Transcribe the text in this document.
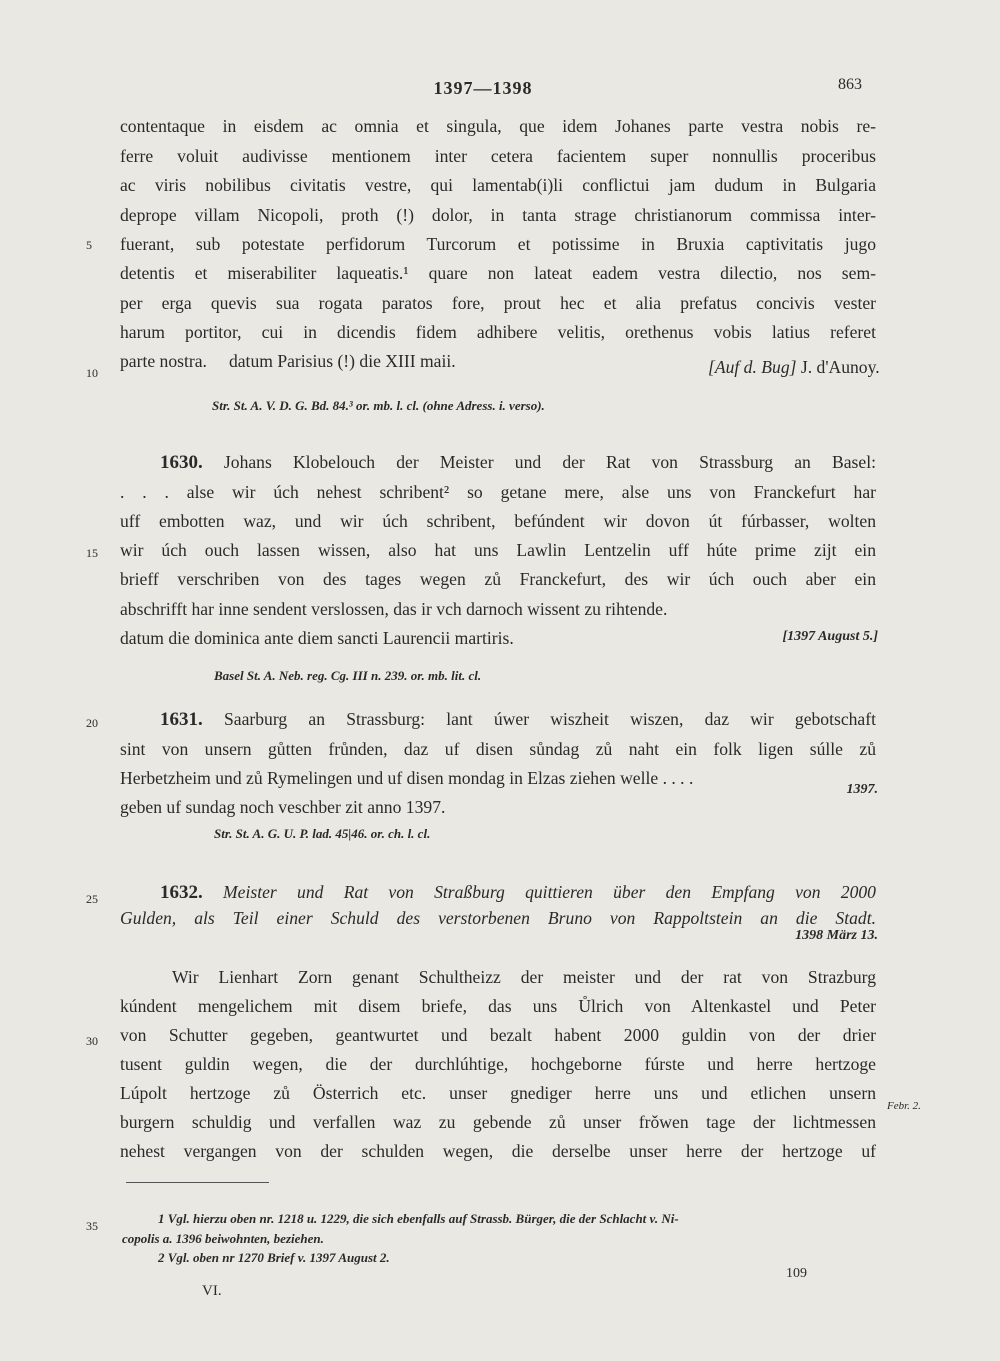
1397—1398	863
contentaque in eisdem ac omnia et singula, que idem Johanes parte vestra nobis re-
ferre voluit audivisse mentionem inter cetera facientem super nonnullis proceribus
ac viris nobilibus civitatis vestre, qui lamentab(i)li conflictui jam dudum in Bulgaria
deprope villam Nicopoli, proth (!) dolor, in tanta strage christianorum commissa inter-
fuerant, sub potestate perfidorum Turcorum et potissime in Bruxia captivitatis jugo
detentis et miserabiliter laqueatis.¹ quare non lateat eadem vestra dilectio, nos sem-
per erga quevis sua rogata paratos fore, prout hec et alia prefatus concivis vester
harum portitor, cui in dicendis fidem adhibere velitis, orethenus vobis latius referet
parte nostra.     datum Parisius (!) die XIII maii.
5
10	[Auf d. Bug] J. d'Aunoy.
Str. St. A. V. D. G. Bd. 84.³ or. mb. l. cl. (ohne Adress. i. verso).
1630. Johans Klobelouch der Meister und der Rat von Strassburg an Basel:
. . . alse wir úch nehest schribent² so getane mere, alse uns von Franckefurt har
uff embotten waz, und wir úch schribent, befúndent wir dovon út fúrbasser, wolten
wir úch ouch lassen wissen, also hat uns Lawlin Lentzelin uff húte prime zijt ein
brieff verschriben von des tages wegen zů Franckefurt, des wir úch ouch aber ein
abschrifft har inne sendent verslossen, das ir vch darnoch wissent zu rihtende.
datum die dominica ante diem sancti Laurencii martiris.	[1397 August 5.]
15
Basel St. A. Neb. reg. Cg. III n. 239. or. mb. lit. cl.
20	1631. Saarburg an Strassburg: lant úwer wiszheit wiszen, daz wir gebotschaft
sint von unsern gůtten frůnden, daz uf disen sůndag zů naht ein folk ligen súlle zů
Herbetzheim und zů Rymelingen und uf disen mondag in Elzas ziehen welle . . . .
geben uf sundag noch veschber zit anno 1397.
1397.
Str. St. A. G. U. P. lad. 45|46. or. ch. l. cl.
25	1632. Meister und Rat von Straßburg quittieren über den Empfang von 2000
Gulden, als Teil einer Schuld des verstorbenen Bruno von Rappoltstein an die Stadt.
1398 März 13.
Wir Lienhart Zorn genant Schultheizz der meister und der rat von Strazburg
kúndent mengelichem mit disem briefe, das uns Ůlrich von Altenkastel und Peter
von Schutter gegeben, geantwurtet und bezalt habent 2000 guldin von der drier
tusent guldin wegen, die der durchlúhtige, hochgeborne fúrste und herre hertzoge
Lúpolt hertzoge zů Österrich etc. unser gnediger herre uns und etlichen unsern
burgern schuldig und verfallen waz zu gebende zů unser frǒwen tage der lichtmessen
nehest vergangen von der schulden wegen, die derselbe unser herre der hertzoge uf
30
Febr. 2.
35	1 Vgl. hierzu oben nr. 1218 u. 1229, die sich ebenfalls auf Strassb. Bürger, die der Schlacht v. Ni-
copolis a. 1396 beiwohnten, beziehen.
2 Vgl. oben nr 1270 Brief v. 1397 August 2.
VI.
109
